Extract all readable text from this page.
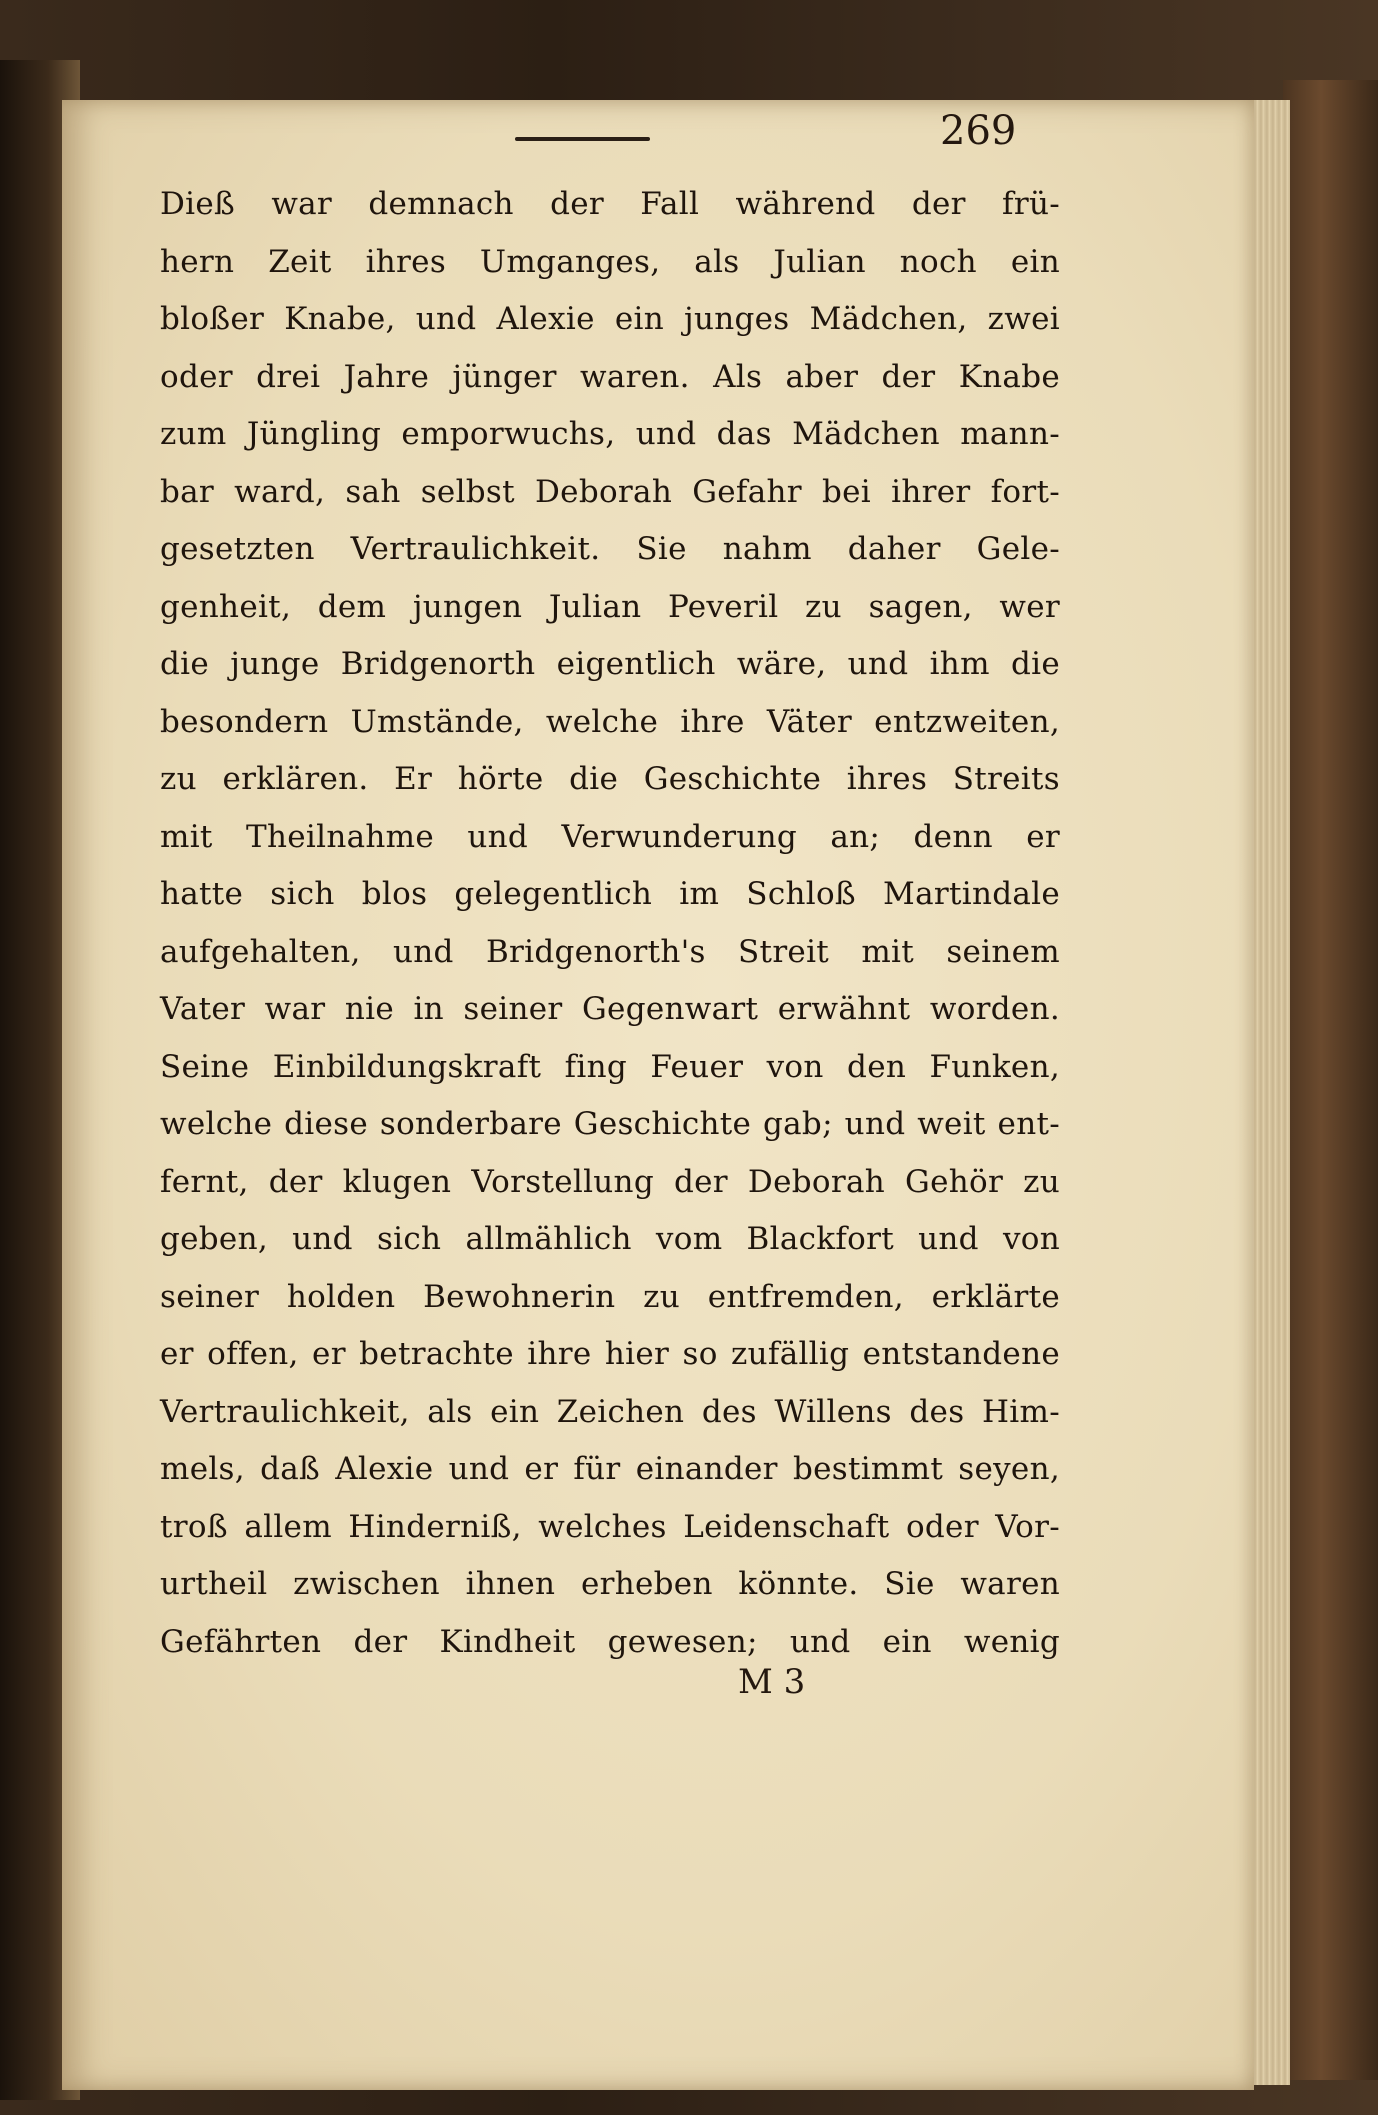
269
Dieß war demnach der Fall während der frü-
hern Zeit ihres Umganges, als Julian noch ein
bloßer Knabe, und Alexie ein junges Mädchen, zwei
oder drei Jahre jünger waren. Als aber der Knabe
zum Jüngling emporwuchs, und das Mädchen mann-
bar ward, sah selbst Deborah Gefahr bei ihrer fort-
gesetzten Vertraulichkeit. Sie nahm daher Gele-
genheit, dem jungen Julian Peveril zu sagen, wer
die junge Bridgenorth eigentlich wäre, und ihm die
besondern Umstände, welche ihre Väter entzweiten,
zu erklären. Er hörte die Geschichte ihres Streits
mit Theilnahme und Verwunderung an; denn er
hatte sich blos gelegentlich im Schloß Martindale
aufgehalten, und Bridgenorth's Streit mit seinem
Vater war nie in seiner Gegenwart erwähnt worden.
Seine Einbildungskraft fing Feuer von den Funken,
welche diese sonderbare Geschichte gab; und weit ent-
fernt, der klugen Vorstellung der Deborah Gehör zu
geben, und sich allmählich vom Blackfort und von
seiner holden Bewohnerin zu entfremden, erklärte
er offen, er betrachte ihre hier so zufällig entstandene
Vertraulichkeit, als ein Zeichen des Willens des Him-
mels, daß Alexie und er für einander bestimmt seyen,
troß allem Hinderniß, welches Leidenschaft oder Vor-
urtheil zwischen ihnen erheben könnte. Sie waren
Gefährten der Kindheit gewesen; und ein wenig
M 3
